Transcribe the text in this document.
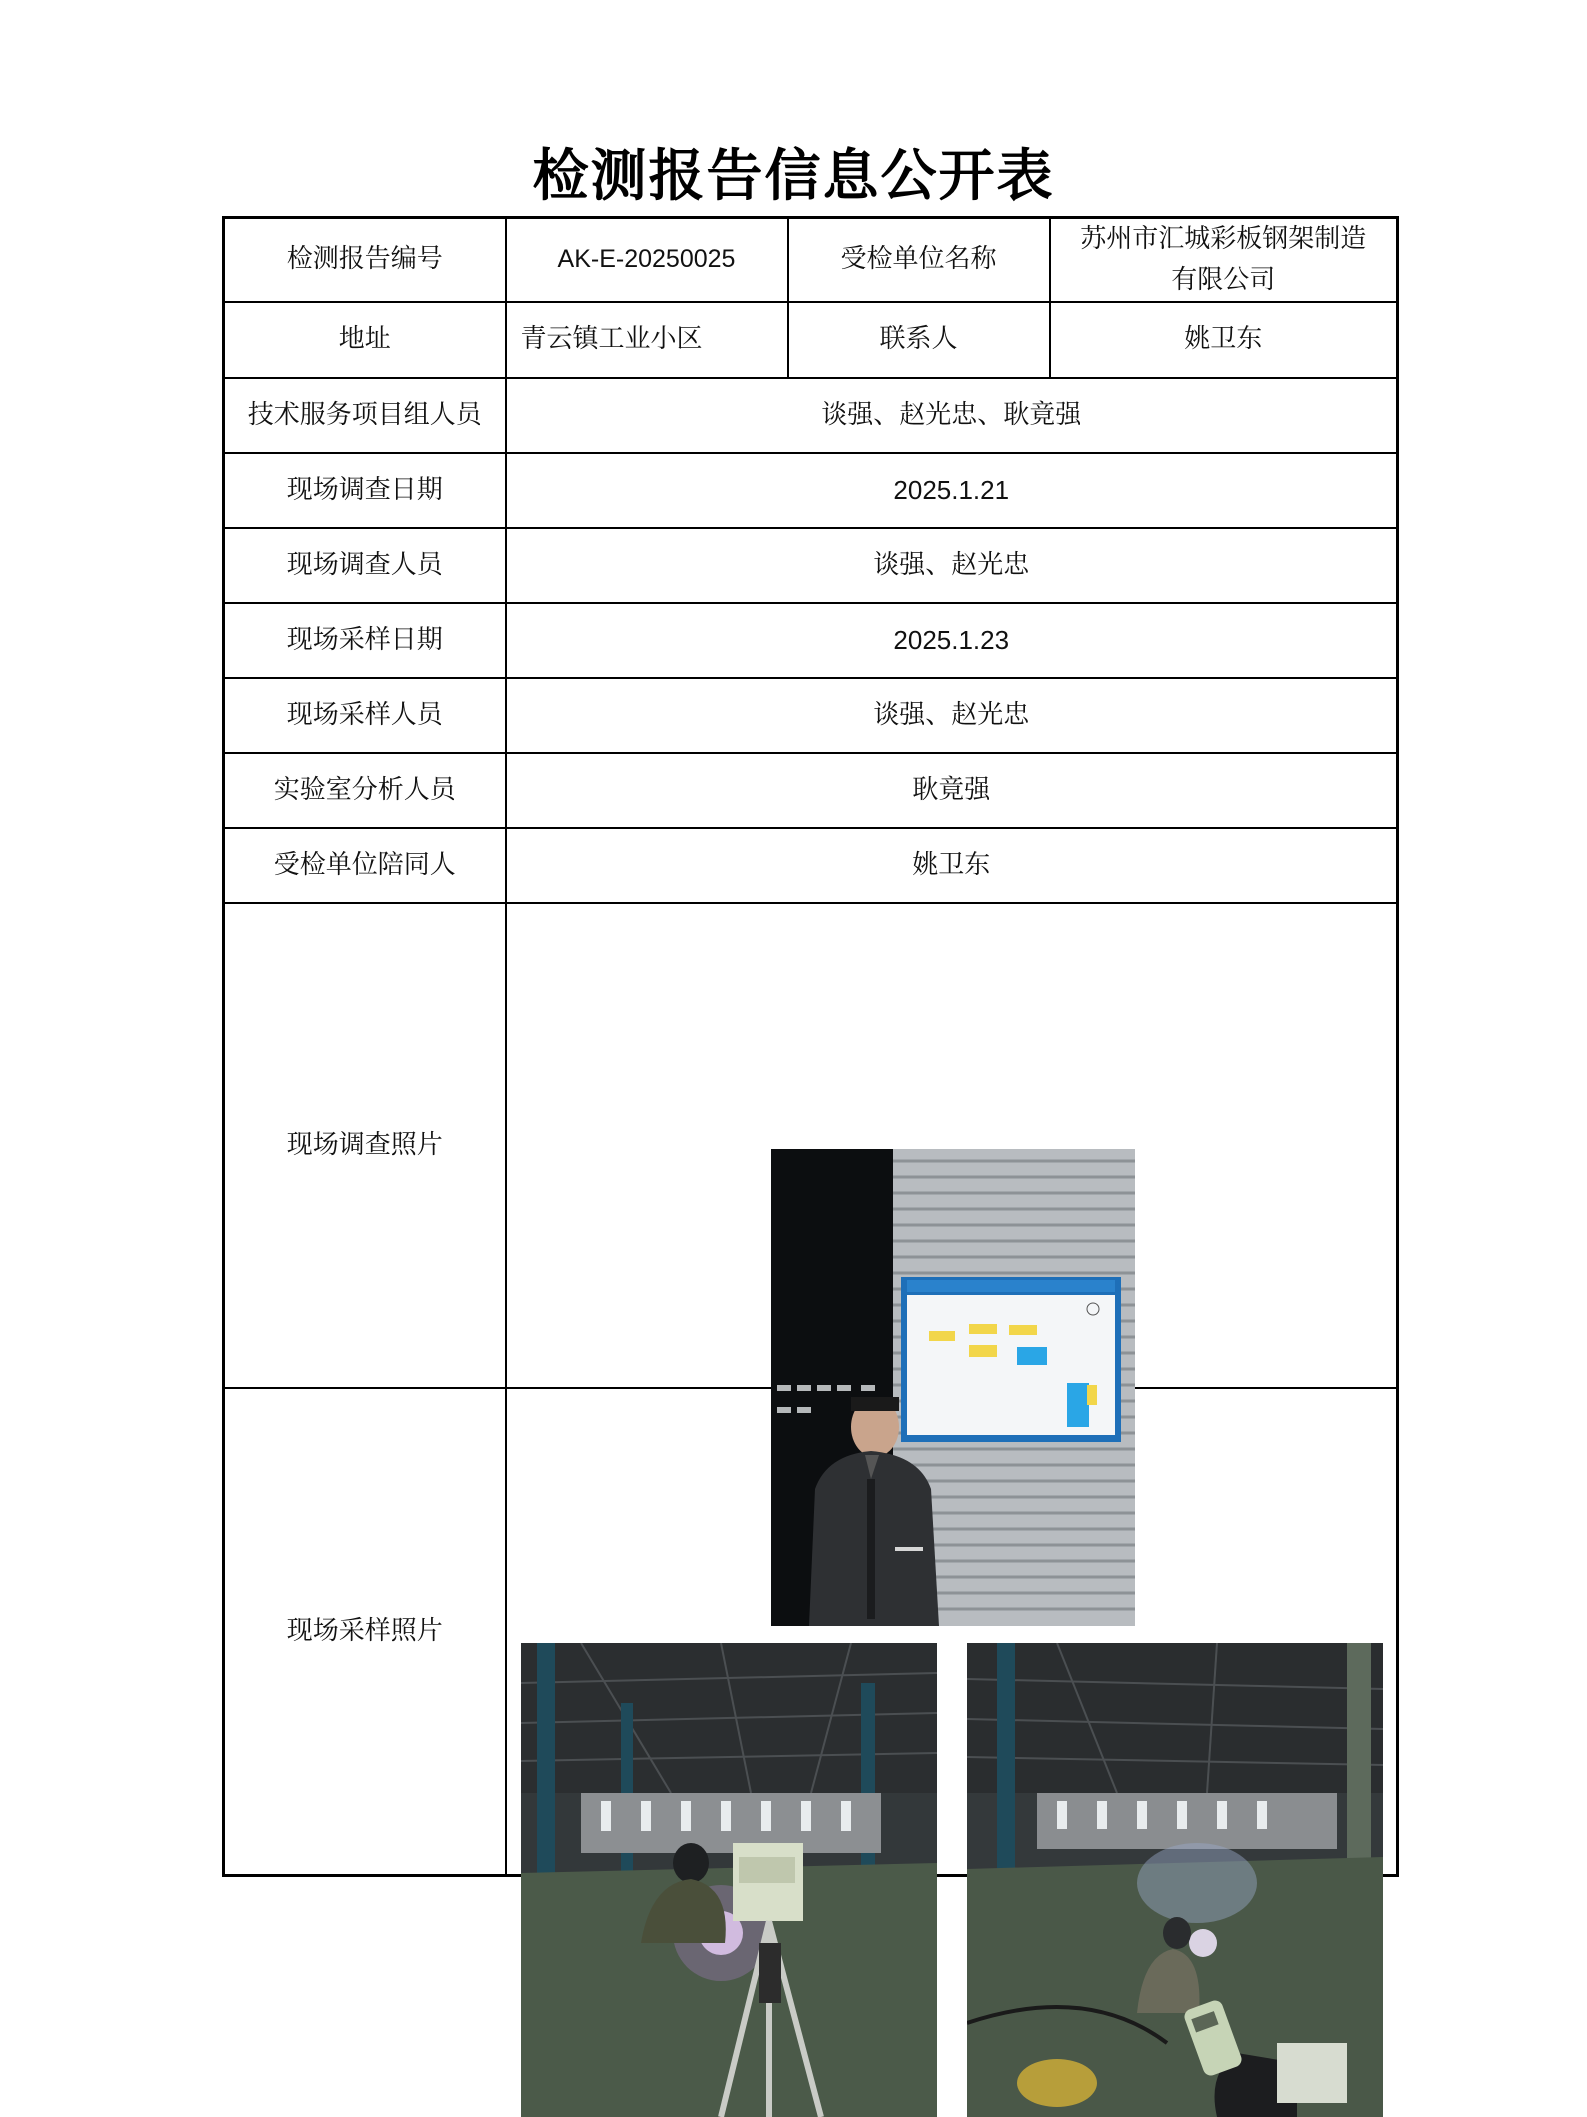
检测报告信息公开表
检测报告编号	AK-E-20250025	受检单位名称	苏州市汇城彩板钢架制造
有限公司

地址	青云镇工业小区	联系人	姚卫东
技术服务项目组人员	谈强、赵光忠、耿竟强		
现场调查日期	2025.1.21		
现场调查人员	谈强、赵光忠		
现场采样日期	2025.1.23		
现场采样人员	谈强、赵光忠		
实验室分析人员	耿竟强		
受检单位陪同人	姚卫东		
现场调查照片	

现场采样照片	
